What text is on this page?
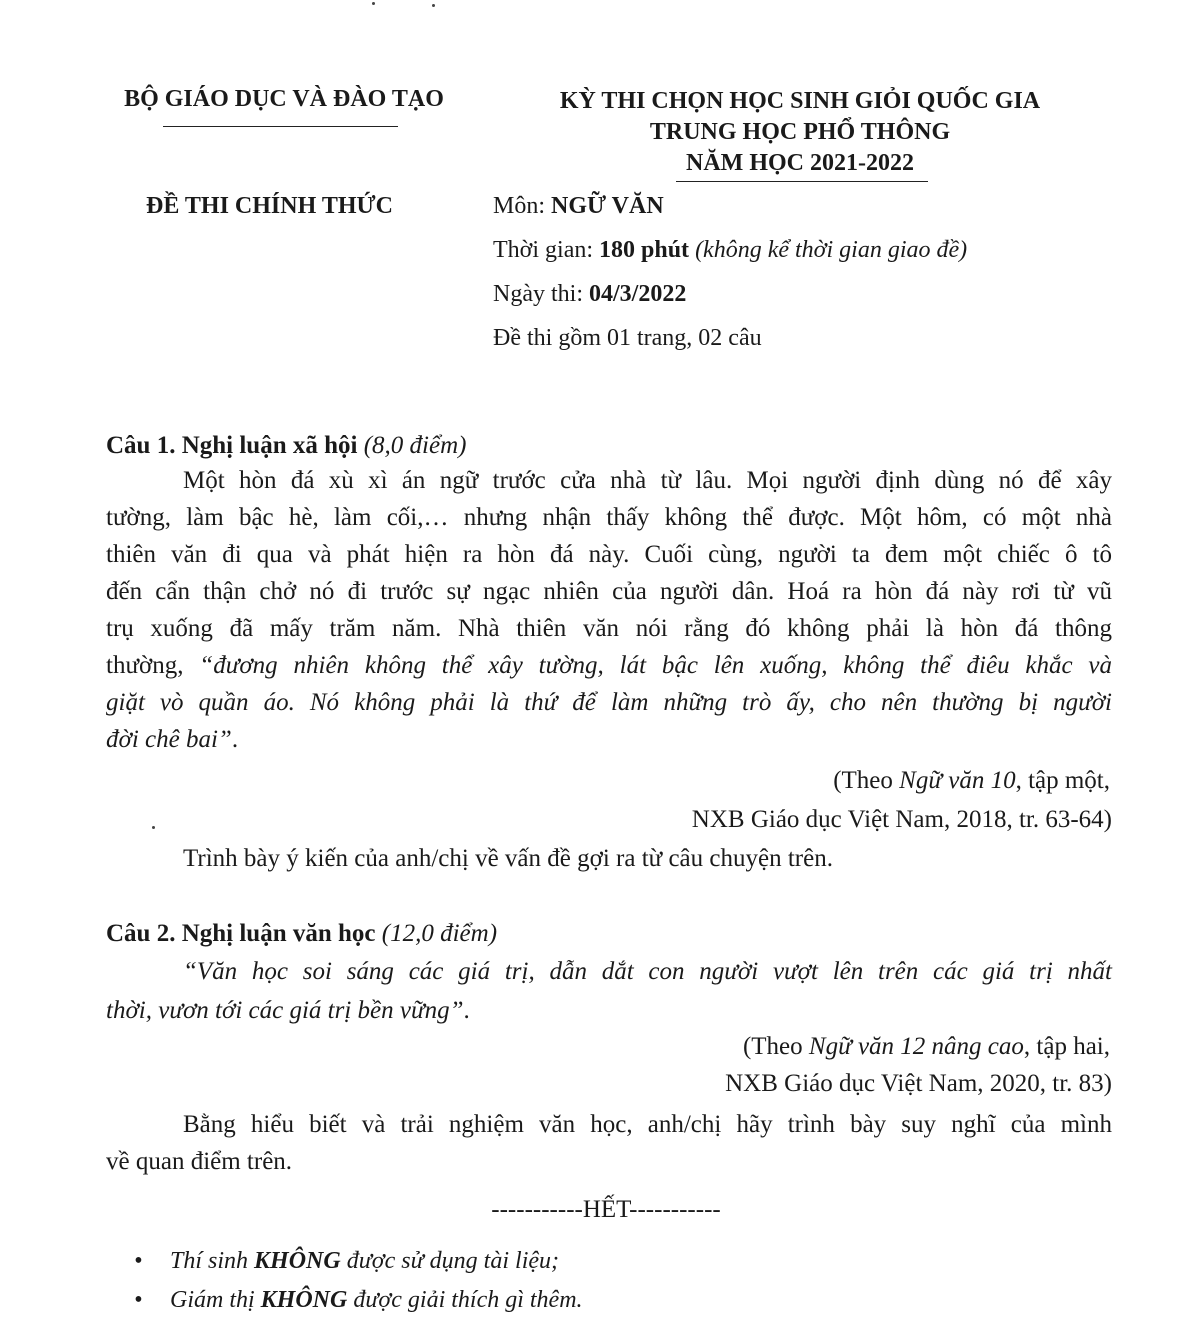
BỘ GIÁO DỤC VÀ ĐÀO TẠO
ĐỀ THI CHÍNH THỨC
KỲ THI CHỌN HỌC SINH GIỎI QUỐC GIA
TRUNG HỌC PHỔ THÔNG
NĂM HỌC 2021-2022
Môn: NGỮ VĂN
Thời gian: 180 phút (không kể thời gian giao đề)
Ngày thi: 04/3/2022
Đề thi gồm 01 trang, 02 câu
Câu 1. Nghị luận xã hội (8,0 điểm)
Một hòn đá xù xì án ngữ trước cửa nhà từ lâu. Mọi người định dùng nó để xây
tường, làm bậc hè, làm cối,… nhưng nhận thấy không thể được. Một hôm, có một nhà
thiên văn đi qua và phát hiện ra hòn đá này. Cuối cùng, người ta đem một chiếc ô tô
đến cẩn thận chở nó đi trước sự ngạc nhiên của người dân. Hoá ra hòn đá này rơi từ vũ
trụ xuống đã mấy trăm năm. Nhà thiên văn nói rằng đó không phải là hòn đá thông
thường, “đương nhiên không thể xây tường, lát bậc lên xuống, không thể điêu khắc và
giặt vò quần áo. Nó không phải là thứ để làm những trò ấy, cho nên thường bị người
đời chê bai”.
(Theo Ngữ văn 10, tập một,
NXB Giáo dục Việt Nam, 2018, tr. 63-64)
Trình bày ý kiến của anh/chị về vấn đề gợi ra từ câu chuyện trên.
Câu 2. Nghị luận văn học (12,0 điểm)
“Văn học soi sáng các giá trị, dẫn dắt con người vượt lên trên các giá trị nhất
thời, vươn tới các giá trị bền vững”.
(Theo Ngữ văn 12 nâng cao, tập hai,
NXB Giáo dục Việt Nam, 2020, tr. 83)
Bằng hiểu biết và trải nghiệm văn học, anh/chị hãy trình bày suy nghĩ của mình
về quan điểm trên.
-----------HẾT-----------
• Thí sinh KHÔNG được sử dụng tài liệu;
• Giám thị KHÔNG được giải thích gì thêm.
